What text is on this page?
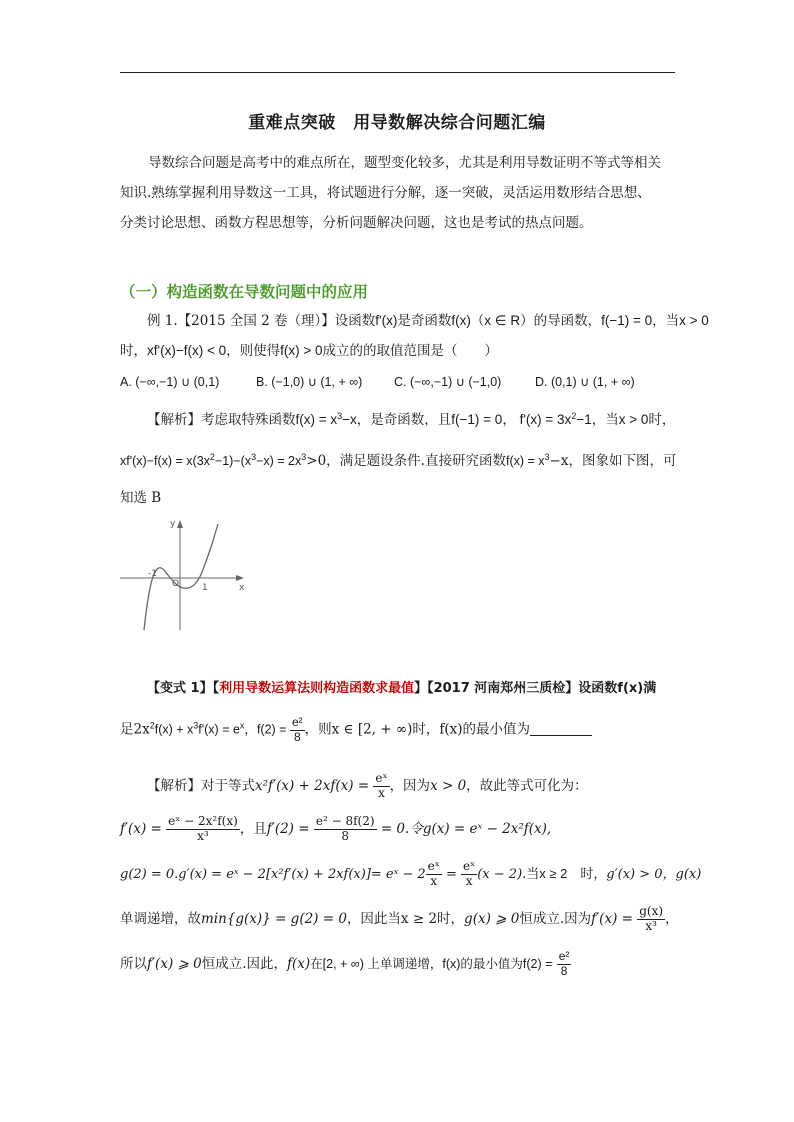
重难点突破　用导数解决综合问题汇编
导数综合问题是高考中的难点所在，题型变化较多，尤其是利用导数证明不等式等相关
知识.熟练掌握利用导数这一工具，将试题进行分解，逐一突破，灵活运用数形结合思想、
分类讨论思想、函数方程思想等，分析问题解决问题，这也是考试的热点问题。
（一）构造函数在导数问题中的应用
例 1.【2015 全国 2 卷（理）】设函数f'(x)是奇函数f(x)（x ∈ R）的导函数，f(−1) = 0，当x > 0
时，xf'(x)−f(x) < 0，则使得f(x) > 0成立的的取值范围是（　　）
A. (−∞,−1) ∪ (0,1)	B. (−1,0) ∪ (1, + ∞)	C. (−∞,−1) ∪ (−1,0)	D. (0,1) ∪ (1, + ∞)
【解析】考虑取特殊函数$f(x) = x^3-x$，是奇函数，且f(−1) = 0， $f'(x) = 3x^2-1$，当x > 0时，
$xf'(x)-f(x) = x(3x^2-1)-(x^3-x) = 2x^3>0$，满足题设条件.直接研究函数$f(x) = x^3-x$，图象如下图，可
知选 B
y
x
-1
O	1
【变式 1】【利用导数运算法则构造函数求最值】【2017 河南郑州三质检】设函数f(x)满
足$2x^2f(x) + x^3f'(x) = e^x$，$f(2) = \frac{\text{e²}}{8}$ ，则x ∈ [2, + ∞)时，f(x)的最小值为
【解析】对于等式$x^2f'(x) + 2xf(x) = \frac{\text{eˣ}}{x}$ ，因为x > 0，故此等式可化为：
$f'(x) = \frac{\text{eˣ − 2x²f(x)}}{\text{x³}}$ ，且$f'(2) = \frac{\text{e² − 8f(2)}}{8} = 0$.令g(x) = eˣ − 2x²f(x),
g(2) = 0.g′(x) = eˣ − 2[x²f′(x) + 2xf(x)]= eˣ − $2 \frac{\text{eˣ}}{x} = \frac{\text{eˣ}}{x} (x - 2)$.当x ≥ 2　时，g′(x) > 0，g(x)
单调递增，故min{g(x)} = g(2) = 0，因此当x ≥ 2时，g(x) ⩾ 0恒成立.因为$f'(x) = \frac{g(x)}{\text{x³}}$ ，
所以f′(x) ⩾ 0恒成立.因此，f(x)在[2, + ∞) 上单调递增，f(x)的最小值为$f(2) = \frac{\text{e²}}{8}$
